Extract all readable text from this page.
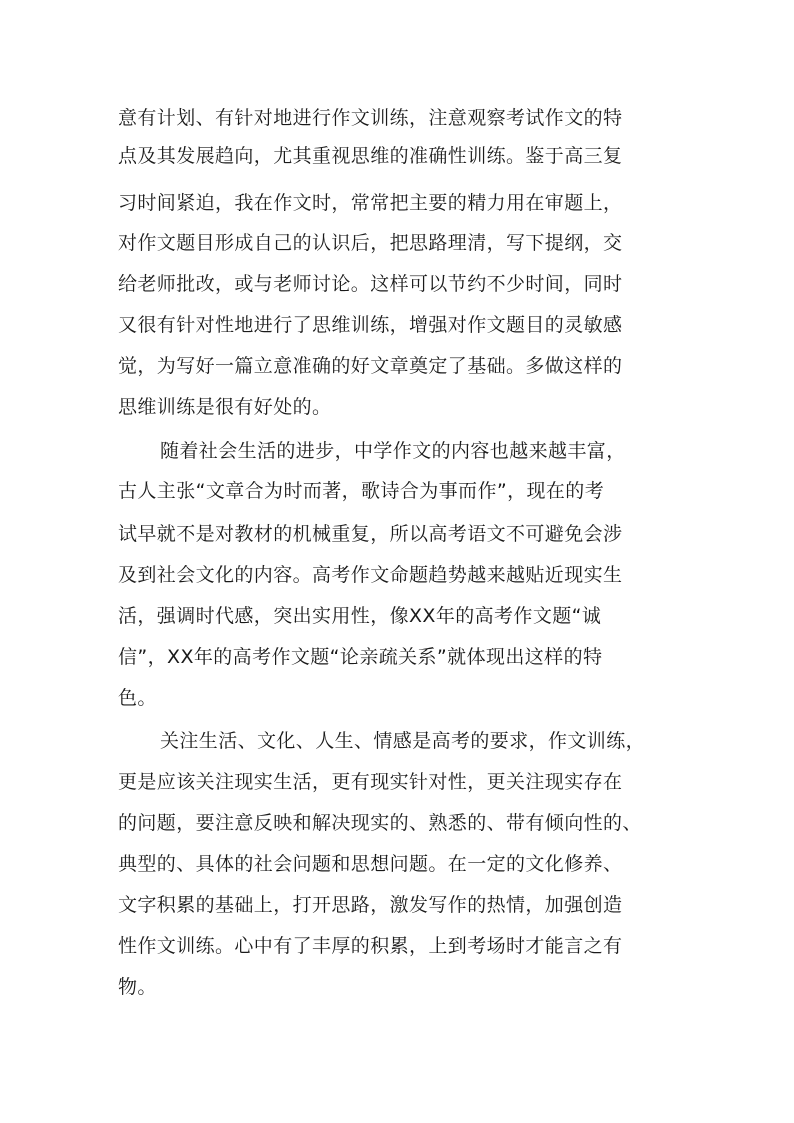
意有计划、有针对地进行作文训练，注意观察考试作文的特
点及其发展趋向，尤其重视思维的准确性训练。鉴于高三复
习时间紧迫，我在作文时，常常把主要的精力用在审题上，
对作文题目形成自己的认识后，把思路理清，写下提纲，交
给老师批改，或与老师讨论。这样可以节约不少时间，同时
又很有针对性地进行了思维训练，增强对作文题目的灵敏感
觉，为写好一篇立意准确的好文章奠定了基础。多做这样的
思维训练是很有好处的。
随着社会生活的进步，中学作文的内容也越来越丰富，
古人主张“文章合为时而著，歌诗合为事而作”，现在的考
试早就不是对教材的机械重复，所以高考语文不可避免会涉
及到社会文化的内容。高考作文命题趋势越来越贴近现实生
活，强调时代感，突出实用性，像XX年的高考作文题“诚
信”，XX年的高考作文题“论亲疏关系”就体现出这样的特
色。
关注生活、文化、人生、情感是高考的要求，作文训练，
更是应该关注现实生活，更有现实针对性，更关注现实存在
的问题，要注意反映和解决现实的、熟悉的、带有倾向性的、
典型的、具体的社会问题和思想问题。在一定的文化修养、
文字积累的基础上，打开思路，激发写作的热情，加强创造
性作文训练。心中有了丰厚的积累，上到考场时才能言之有
物。
